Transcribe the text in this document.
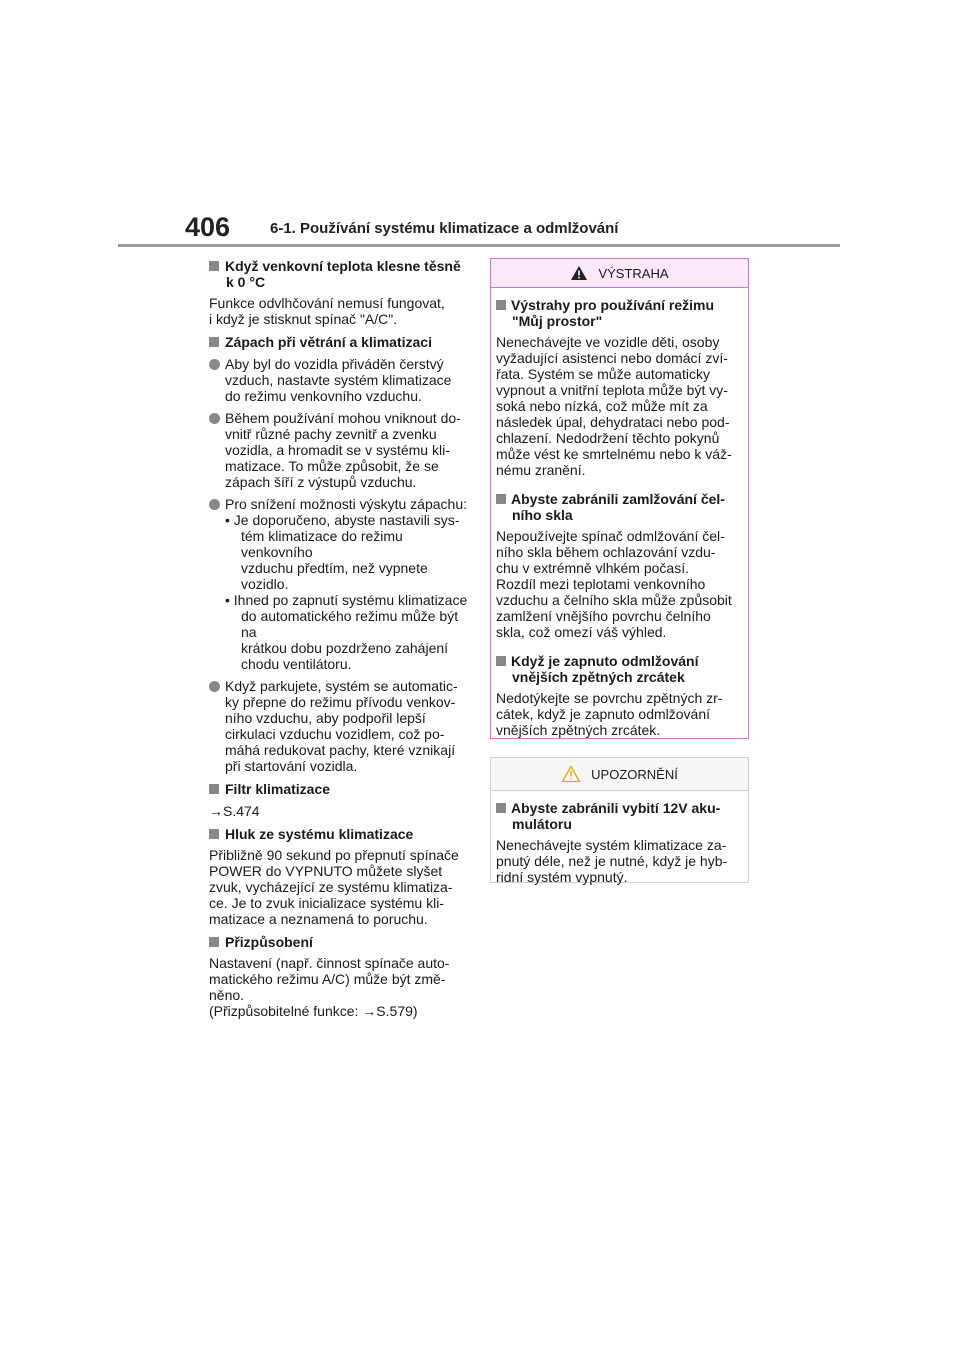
406	6-1. Používání systému klimatizace a odmlžování

Když venkovní teplota klesne těsně
k 0 °C

Funkce odvlhčování nemusí fungovat,
i když je stisknut spínač "A/C".

Zápach při větrání a klimatizaci

Aby byl do vozidla přiváděn čerstvý
vzduch, nastavte systém klimatizace
do režimu venkovního vzduchu.

Během používání mohou vniknout do-
vnitř různé pachy zevnitř a zvenku
vozidla, a hromadit se v systému kli-
matizace. To může způsobit, že se
zápach šíří z výstupů vzduchu.

Pro snížení možnosti výskytu zápachu:

• Je doporučeno, abyste nastavili sys-
tém klimatizace do režimu venkovního
vzduchu předtím, než vypnete vozidlo.

• Ihned po zapnutí systému klimatizace
do automatického režimu může být na
krátkou dobu pozdrženo zahájení
chodu ventilátoru.

Když parkujete, systém se automatic-
ky přepne do režimu přívodu venkov-
ního vzduchu, aby podpořil lepší
cirkulaci vzduchu vozidlem, což po-
máhá redukovat pachy, které vznikají
při startování vozidla.

Filtr klimatizace

→S.474

Hluk ze systému klimatizace

Přibližně 90 sekund po přepnutí spínače
POWER do VYPNUTO můžete slyšet
zvuk, vycházející ze systému klimatiza-
ce. Je to zvuk inicializace systému kli-
matizace a neznamená to poruchu.

Přizpůsobení

Nastavení (např. činnost spínače auto-
matického režimu A/C) může být změ-
něno.
(Přizpůsobitelné funkce: →S.579)

VÝSTRAHA

Výstrahy pro používání režimu
"Můj prostor"

Nenechávejte ve vozidle děti, osoby
vyžadující asistenci nebo domácí zví-
řata. Systém se může automaticky
vypnout a vnitřní teplota může být vy-
soká nebo nízká, což může mít za
následek úpal, dehydrataci nebo pod-
chlazení. Nedodržení těchto pokynů
může vést ke smrtelnému nebo k váž-
nému zranění.

Abyste zabránili zamlžování čel-
ního skla

Nepoužívejte spínač odmlžování čel-
ního skla během ochlazování vzdu-
chu v extrémně vlhkém počasí.
Rozdíl mezi teplotami venkovního
vzduchu a čelního skla může způsobit
zamlžení vnějšího povrchu čelního
skla, což omezí váš výhled.

Když je zapnuto odmlžování
vnějších zpětných zrcátek

Nedotýkejte se povrchu zpětných zr-
cátek, když je zapnuto odmlžování
vnějších zpětných zrcátek.

UPOZORNĚNÍ

Abyste zabránili vybití 12V aku-
mulátoru

Nenechávejte systém klimatizace za-
pnutý déle, než je nutné, když je hyb-
ridní systém vypnutý.
